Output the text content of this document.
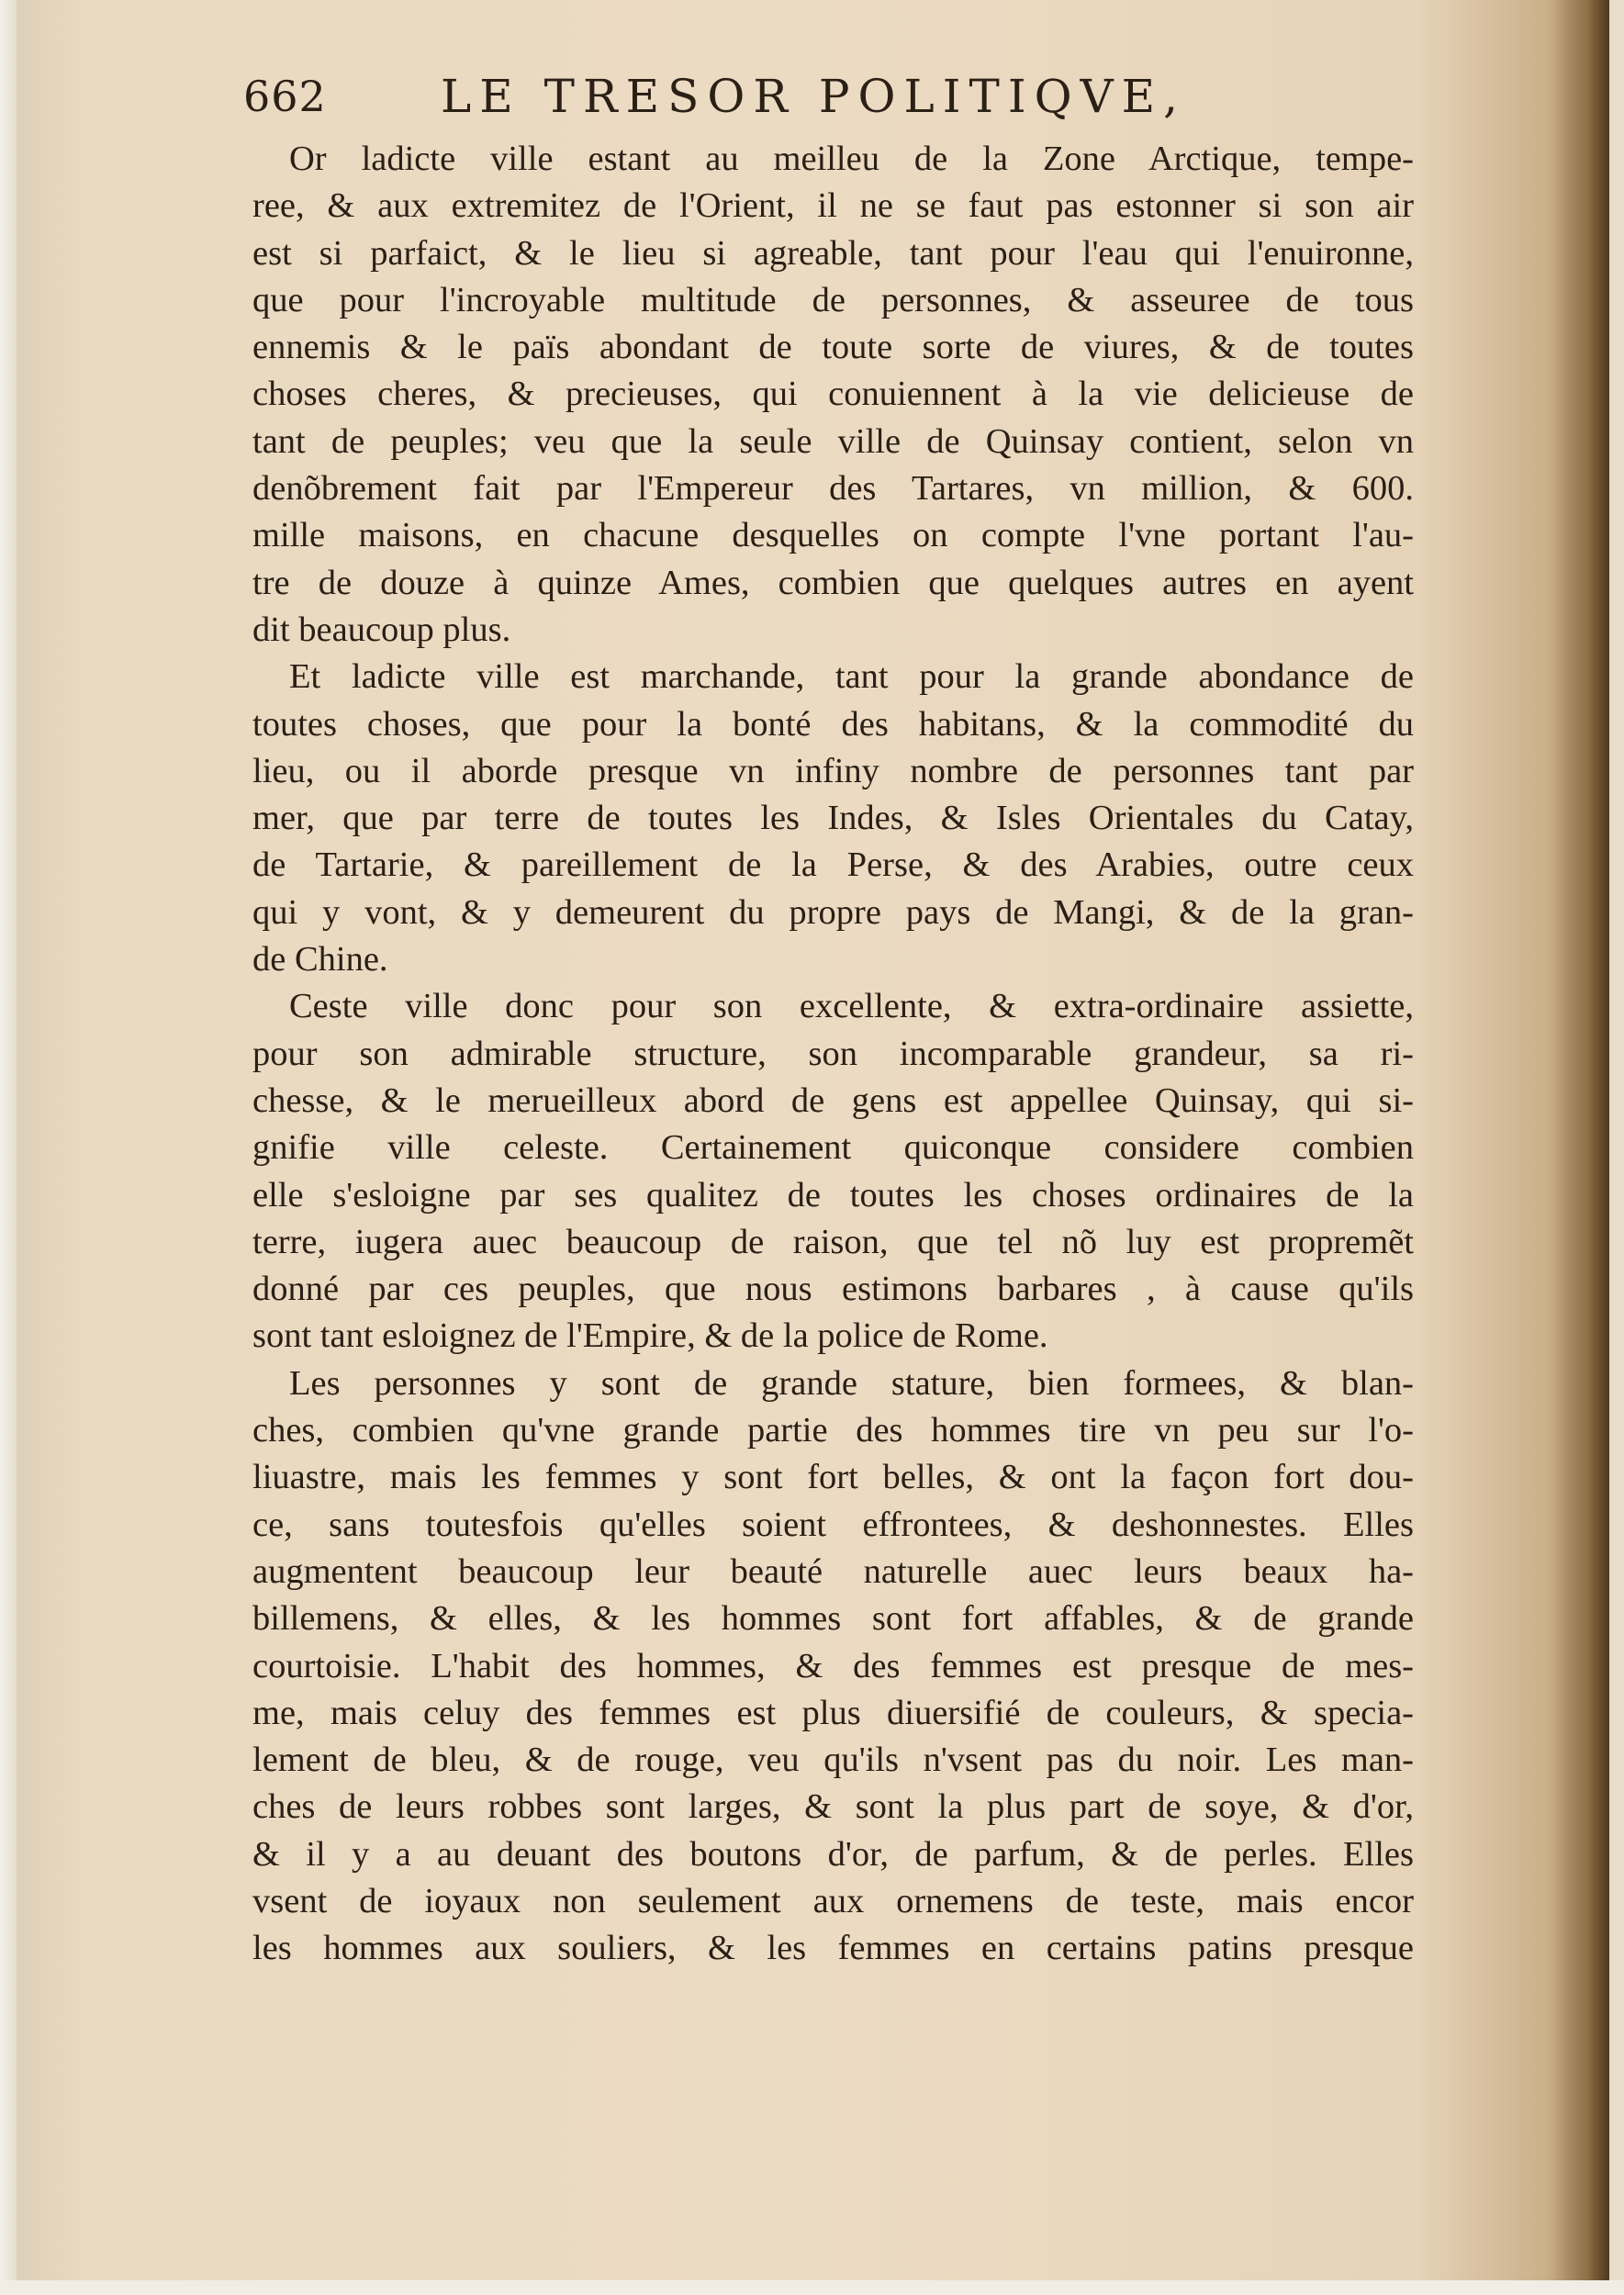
662 LE TRESOR POLITIQVE,
Or ladicte ville estant au meilleu de la Zone Arctique, tempe-
ree, & aux extremitez de l'Orient, il ne se faut pas estonner si son air
est si parfaict, & le lieu si agreable, tant pour l'eau qui l'enuironne,
que pour l'incroyable multitude de personnes, & asseuree de tous
ennemis & le païs abondant de toute sorte de viures, & de toutes
choses cheres, & precieuses, qui conuiennent à la vie delicieuse de
tant de peuples; veu que la seule ville de Quinsay contient, selon vn
denõbrement fait par l'Empereur des Tartares, vn million, & 600.
mille maisons, en chacune desquelles on compte l'vne portant l'au-
tre de douze à quinze Ames, combien que quelques autres en ayent
dit beaucoup plus.
Et ladicte ville est marchande, tant pour la grande abondance de
toutes choses, que pour la bonté des habitans, & la commodité du
lieu, ou il aborde presque vn infiny nombre de personnes tant par
mer, que par terre de toutes les Indes, & Isles Orientales du Catay,
de Tartarie, & pareillement de la Perse, & des Arabies, outre ceux
qui y vont, & y demeurent du propre pays de Mangi, & de la gran-
de Chine.
Ceste ville donc pour son excellente, & extra-ordinaire assiette,
pour son admirable structure, son incomparable grandeur, sa ri-
chesse, & le merueilleux abord de gens est appellee Quinsay, qui si-
gnifie ville celeste. Certainement quiconque considere combien
elle s'esloigne par ses qualitez de toutes les choses ordinaires de la
terre, iugera auec beaucoup de raison, que tel nõ luy est propremẽt
donné par ces peuples, que nous estimons barbares , à cause qu'ils
sont tant esloignez de l'Empire, & de la police de Rome.
Les personnes y sont de grande stature, bien formees, & blan-
ches, combien qu'vne grande partie des hommes tire vn peu sur l'o-
liuastre, mais les femmes y sont fort belles, & ont la façon fort dou-
ce, sans toutesfois qu'elles soient effrontees, & deshonnestes. Elles
augmentent beaucoup leur beauté naturelle auec leurs beaux ha-
billemens, & elles, & les hommes sont fort affables, & de grande
courtoisie. L'habit des hommes, & des femmes est presque de mes-
me, mais celuy des femmes est plus diuersifié de couleurs, & specia-
lement de bleu, & de rouge, veu qu'ils n'vsent pas du noir. Les man-
ches de leurs robbes sont larges, & sont la plus part de soye, & d'or,
& il y a au deuant des boutons d'or, de parfum, & de perles. Elles
vsent de ioyaux non seulement aux ornemens de teste, mais encor
les hommes aux souliers, & les femmes en certains patins presque
